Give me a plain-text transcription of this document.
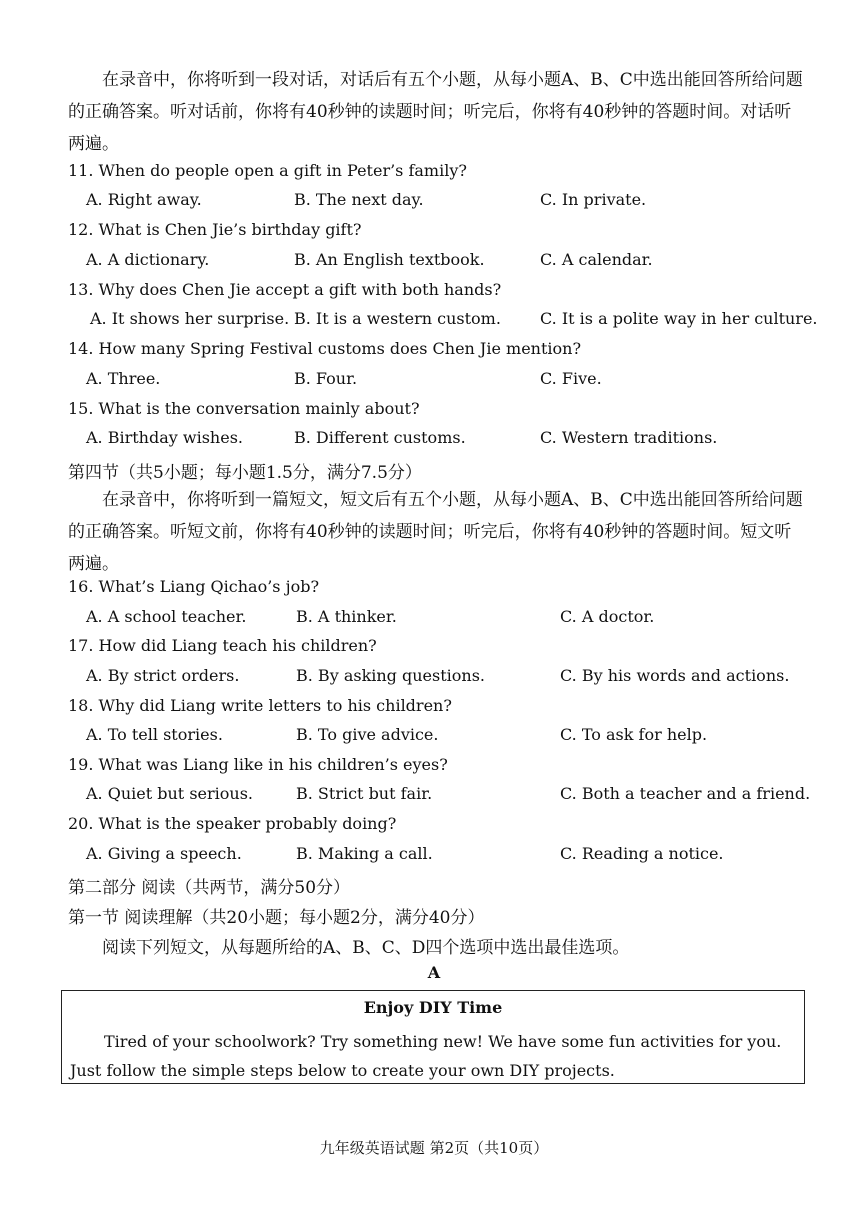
在录音中，你将听到一段对话，对话后有五个小题，从每小题A、B、C中选出能回答所给问题的正确答案。听对话前，你将有40秒钟的读题时间；听完后，你将有40秒钟的答题时间。对话听两遍。
11. When do people open a gift in Peter’s family?
A. Right away.	B. The next day.	C. In private.
12. What is Chen Jie’s birthday gift?
A. A dictionary.	B. An English textbook.	C. A calendar.
13. Why does Chen Jie accept a gift with both hands?
A. It shows her surprise. B. It is a western custom. C. It is a polite way in her culture.
14. How many Spring Festival customs does Chen Jie mention?
A. Three.	B. Four.	C. Five.
15. What is the conversation mainly about?
A. Birthday wishes.	B. Different customs.	C. Western traditions.
第四节（共5小题；每小题1.5分，满分7.5分）
在录音中，你将听到一篇短文，短文后有五个小题，从每小题A、B、C中选出能回答所给问题的正确答案。听短文前，你将有40秒钟的读题时间；听完后，你将有40秒钟的答题时间。短文听两遍。
16. What’s Liang Qichao’s job?
A. A school teacher.	B. A thinker.	C. A doctor.
17. How did Liang teach his children?
A. By strict orders.	B. By asking questions.	C. By his words and actions.
18. Why did Liang write letters to his children?
A. To tell stories.	B. To give advice.	C. To ask for help.
19. What was Liang like in his children’s eyes?
A. Quiet but serious.	B. Strict but fair.	C. Both a teacher and a friend.
20. What is the speaker probably doing?
A. Giving a speech.	B. Making a call.	C. Reading a notice.
第二部分 阅读（共两节，满分50分）
第一节 阅读理解（共20小题；每小题2分，满分40分）
阅读下列短文，从每题所给的A、B、C、D四个选项中选出最佳选项。
A
Enjoy DIY Time
Tired of your schoolwork? Try something new! We have some fun activities for you. Just follow the simple steps below to create your own DIY projects.
九年级英语试题 第2页（共10页）
